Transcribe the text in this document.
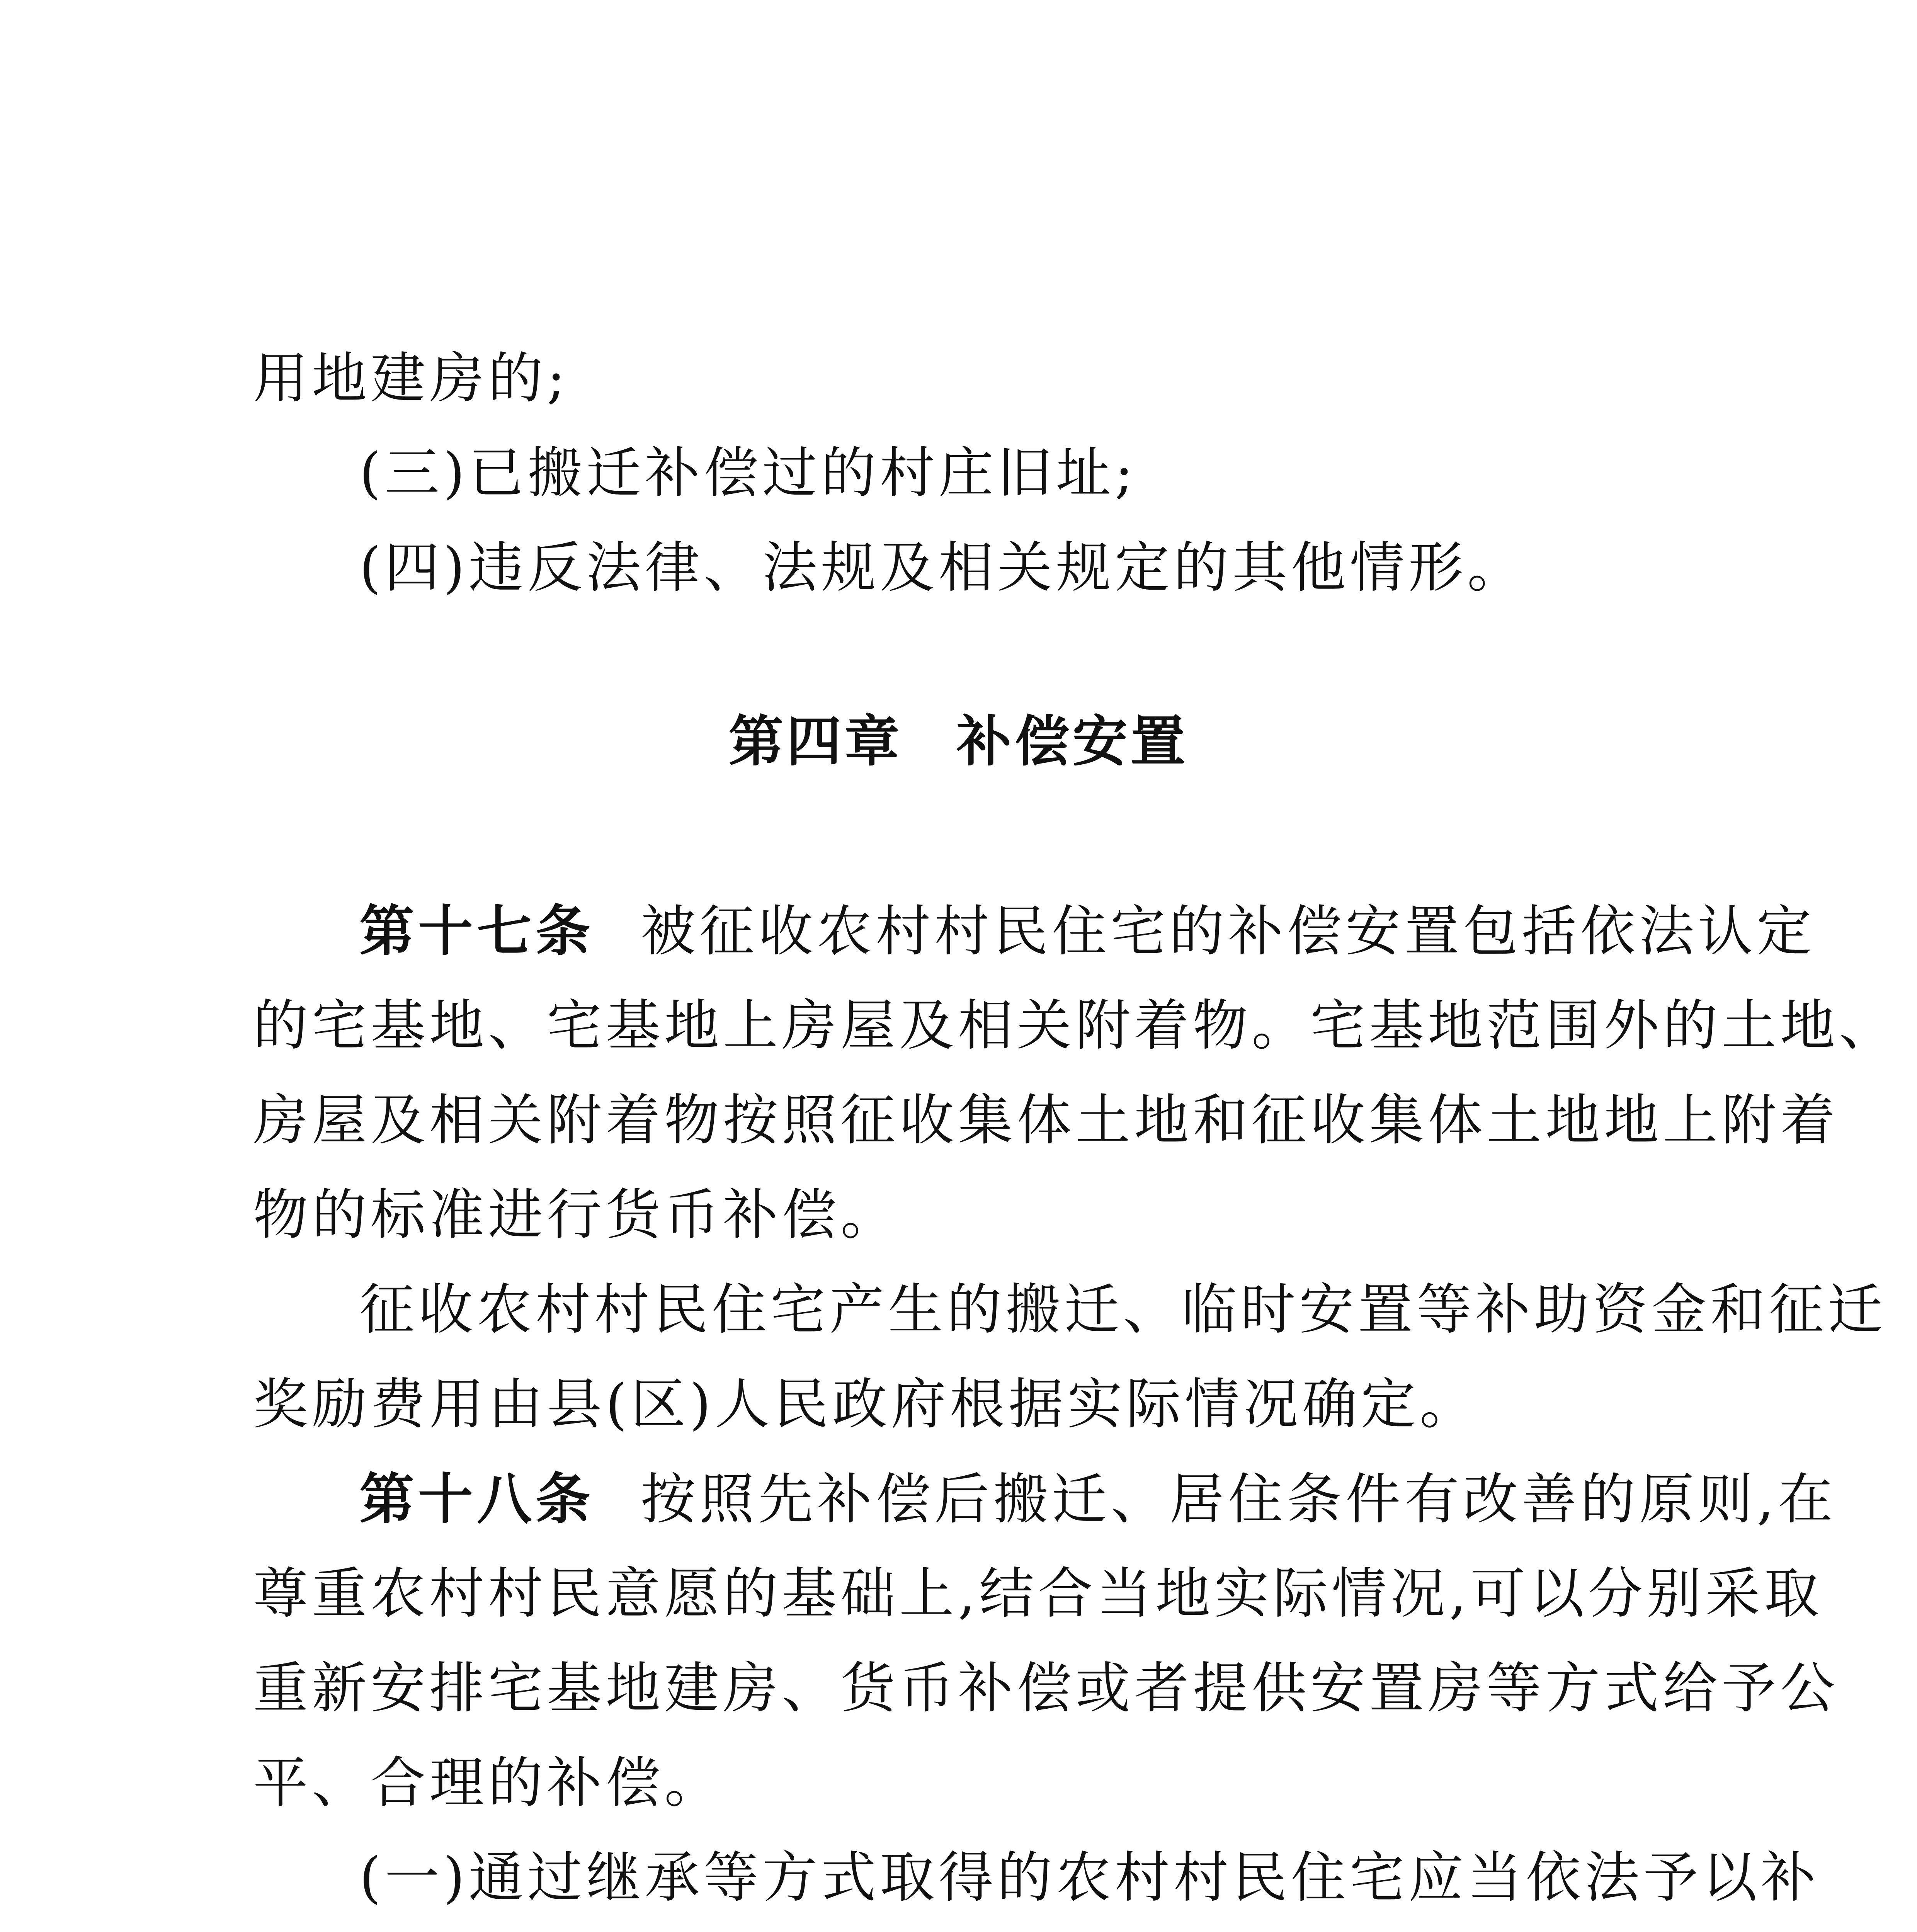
用地建房的;
(三)已搬迁补偿过的村庄旧址;
(四)违反法律、法规及相关规定的其他情形。
第四章 补偿安置
第十七条 被征收农村村民住宅的补偿安置包括依法认定
的宅基地、宅基地上房屋及相关附着物。宅基地范围外的土地、
房屋及相关附着物按照征收集体土地和征收集体土地地上附着
物的标准进行货币补偿。
征收农村村民住宅产生的搬迁、临时安置等补助资金和征迁
奖励费用由县(区)人民政府根据实际情况确定。
第十八条 按照先补偿后搬迁、居住条件有改善的原则,在
尊重农村村民意愿的基础上,结合当地实际情况,可以分别采取
重新安排宅基地建房、货币补偿或者提供安置房等方式给予公
平、合理的补偿。
(一)通过继承等方式取得的农村村民住宅应当依法予以补
